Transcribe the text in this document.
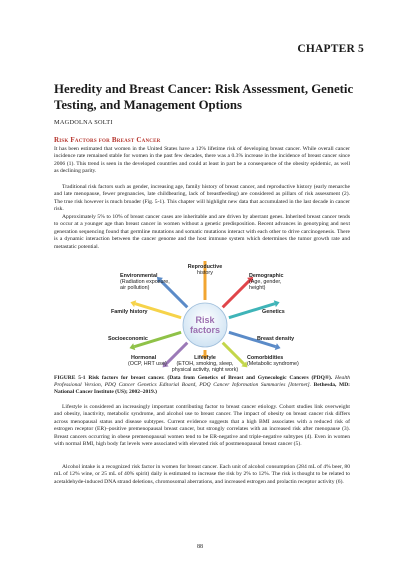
CHAPTER 5
Heredity and Breast Cancer: Risk Assessment, Genetic Testing, and Management Options
MAGDOLNA SOLTI
Risk Factors for Breast Cancer

It has been estimated that women in the United States have a 12% lifetime risk of developing breast cancer. While overall cancer incidence rate remained stable for women in the past few decades, there was a 0.3% increase in the incidence of breast cancer since 2006 (1). This trend is seen in the developed countries and could at least in part be a consequence of the obesity epidemic, as well as declining parity.

Traditional risk factors such as gender, increasing age, family history of breast cancer, and reproductive history (early menarche and late menopause, fewer pregnancies, late childbearing, lack of breastfeeding) are considered as pillars of risk assessment (2). The true risk however is much broader (Fig. 5-1). This chapter will highlight new data that accumulated in the last decade in cancer risk.

Approximately 5% to 10% of breast cancer cases are inheritable and are driven by aberrant genes. Inherited breast cancer tends to occur at a younger age than breast cancer in women without a genetic predisposition. Recent advances in genotyping and next generation sequencing found that germline mutations and somatic mutations interact with each other to drive carcinogenesis. There is a dynamic interaction between the cancer genome and the host immune system which determines the tumor growth rate and metastatic potential.

Risk
factors
Reproductive
history
Environmental
(Radiation exposure,
air pollution)
Demographic
(Age, gender,
height)
Family history	Genetics
Socioeconomic	Breast density
Hormonal
(OCP, HRT use)
Comorbidities
(Metabolic syndrome)
Lifestyle
(ETOH, smoking, sleep,
physical activity, night work)
FIGURE 5-1 Risk factors for breast cancer. (Data from Genetics of Breast and Gynecologic Cancers (PDQ®). Health Professional Version, PDQ Cancer Genetics Editorial Board, PDQ Cancer Information Summaries [Internet]. Bethesda, MD: National Cancer Institute (US); 2002–2019.)

Lifestyle is considered an increasingly important contributing factor to breast cancer etiology. Cohort studies link overweight and obesity, inactivity, metabolic syndrome, and alcohol use to breast cancer. The impact of obesity on breast cancer risk differs across menopausal status and disease subtypes. Current evidence suggests that a high BMI associates with a reduced risk of estrogen receptor (ER)–positive premenopausal breast cancer, but strongly correlates with an increased risk after menopause (3). Breast cancers occurring in obese premenopausal women tend to be ER-negative and triple-negative subtypes (4). Even in women with normal BMI, high body fat levels were associated with elevated risk of postmenopausal breast cancer (5).

Alcohol intake is a recognized risk factor in women for breast cancer. Each unit of alcohol consumption (284 mL of 4% beer, 80 mL of 12% wine, or 25 mL of 40% spirit) daily is estimated to increase the risk by 2% to 12%. The risk is thought to be related to acetaldehyde-induced DNA strand deletions, chromosomal aberrations, and increased estrogen and prolactin receptor activity (6).

88
